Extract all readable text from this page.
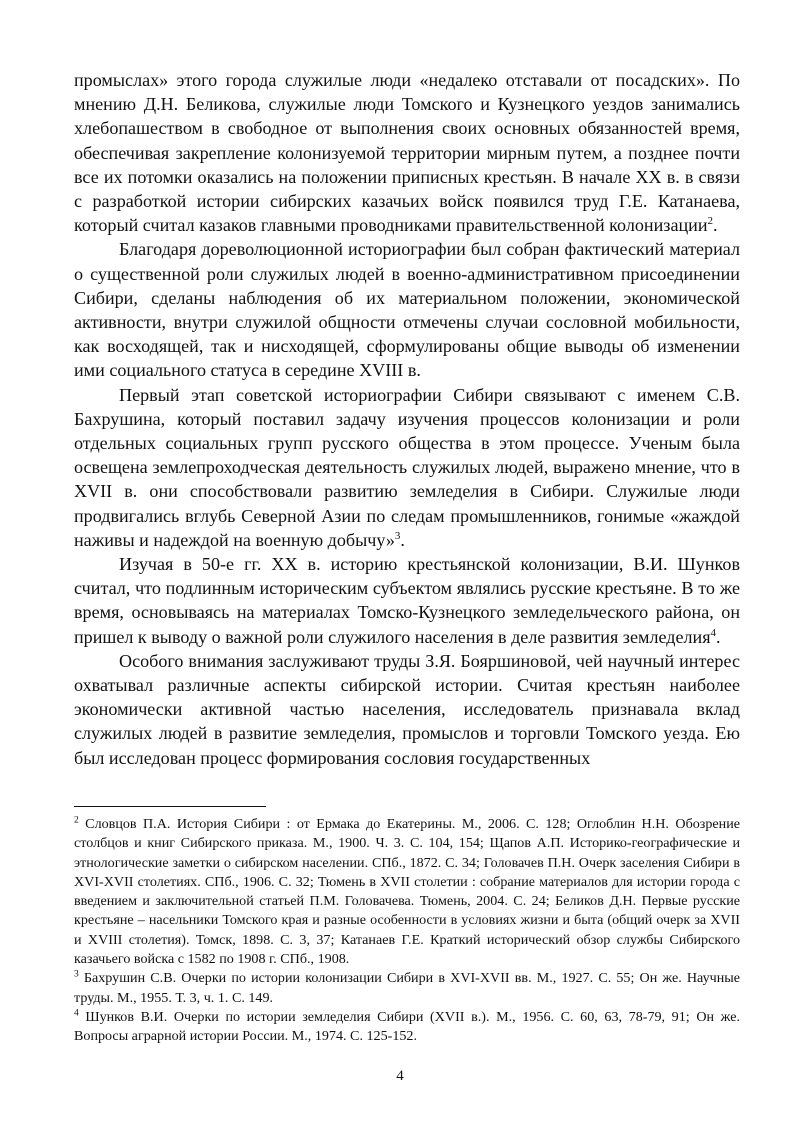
промыслах» этого города служилые люди «недалеко отставали от посадских». По мнению Д.Н. Беликова, служилые люди Томского и Кузнецкого уездов занимались хлебопашеством в свободное от выполнения своих основных обязанностей время, обеспечивая закрепление колонизуемой территории мирным путем, а позднее почти все их потомки оказались на положении приписных крестьян. В начале XX в. в связи с разработкой истории сибирских казачьих войск появился труд Г.Е. Катанаева, который считал казаков главными проводниками правительственной колонизации$^2$.

Благодаря дореволюционной историографии был собран фактический материал о существенной роли служилых людей в военно-административном присоединении Сибири, сделаны наблюдения об их материальном положении, экономической активности, внутри служилой общности отмечены случаи сословной мобильности, как восходящей, так и нисходящей, сформулированы общие выводы об изменении ими социального статуса в середине XVIII в.

Первый этап советской историографии Сибири связывают с именем С.В. Бахрушина, который поставил задачу изучения процессов колонизации и роли отдельных социальных групп русского общества в этом процессе. Ученым была освещена землепроходческая деятельность служилых людей, выражено мнение, что в XVII в. они способствовали развитию земледелия в Сибири. Служилые люди продвигались вглубь Северной Азии по следам промышленников, гонимые «жаждой наживы и надеждой на военную добычу»$^3$.

Изучая в 50-е гг. XX в. историю крестьянской колонизации, В.И. Шунков считал, что подлинным историческим субъектом являлись русские крестьяне. В то же время, основываясь на материалах Томско-Кузнецкого земледельческого района, он пришел к выводу о важной роли служилого населения в деле развития земледелия$^4$.

Особого внимания заслуживают труды З.Я. Бояршиновой, чей научный интерес охватывал различные аспекты сибирской истории. Считая крестьян наиболее экономически активной частью населения, исследователь признавала вклад служилых людей в развитие земледелия, промыслов и торговли Томского уезда. Ею был исследован процесс формирования сословия государственных

$^2$ Словцов П.А. История Сибири : от Ермака до Екатерины. М., 2006. С. 128; Оглоблин Н.Н. Обозрение столбцов и книг Сибирского приказа. М., 1900. Ч. 3. С. 104, 154; Щапов А.П. Историко-географические и этнологические заметки о сибирском населении. СПб., 1872. С. 34; Головачев П.Н. Очерк заселения Сибири в XVI-XVII столетиях. СПб., 1906. С. 32; Тюмень в XVII столетии : собрание материалов для истории города с введением и заключительной статьей П.М. Головачева. Тюмень, 2004. С. 24; Беликов Д.Н. Первые русские крестьяне – насельники Томского края и разные особенности в условиях жизни и быта (общий очерк за XVII и XVIII столетия). Томск, 1898. С. 3, 37; Катанаев Г.Е. Краткий исторический обзор службы Сибирского казачьего войска с 1582 по 1908 г. СПб., 1908.

$^3$ Бахрушин С.В. Очерки по истории колонизации Сибири в XVI-XVII вв. М., 1927. С. 55; Он же. Научные труды. М., 1955. Т. 3, ч. 1. С. 149.

$^4$ Шунков В.И. Очерки по истории земледелия Сибири (XVII в.). М., 1956. С. 60, 63, 78-79, 91; Он же. Вопросы аграрной истории России. М., 1974. С. 125-152.

4
